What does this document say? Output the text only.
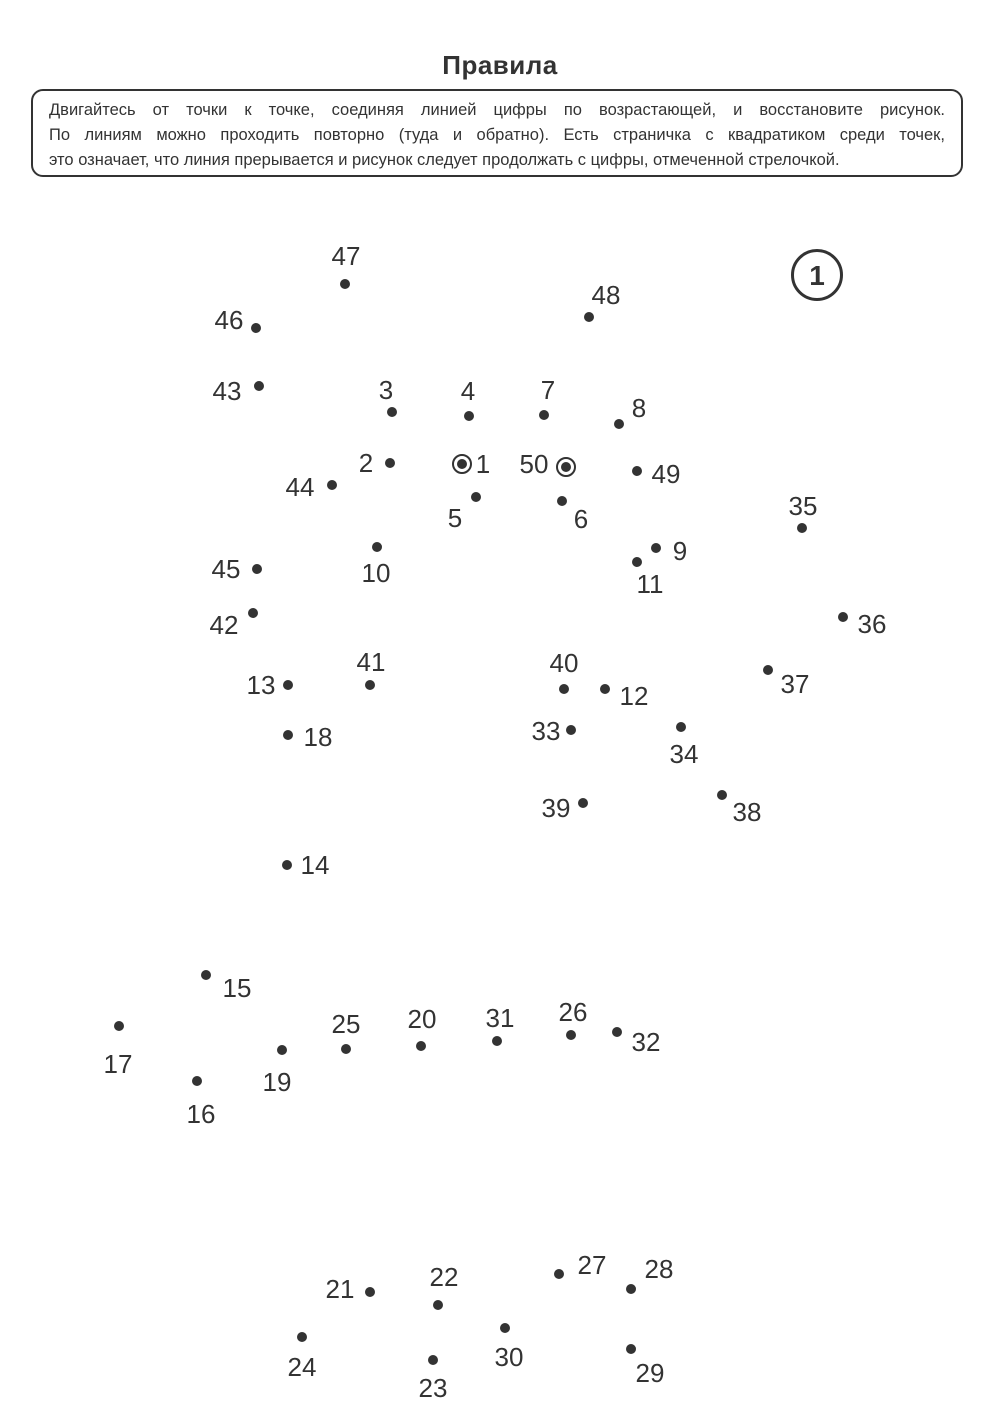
Правила
Двигайтесь от точки к точке, соединяя линией цифры по возрастающей, и восстановите рисунок.
По линиям можно проходить повторно (туда и обратно). Есть страничка с квадратиком среди точек,
это означает, что линия прерывается и рисунок следует продолжать с цифры, отмеченной стрелочкой.
1
1
2
3	4
5	6
7
8
9
10	11
12
13
14
15
16
17
18
19
20
21	22
23
24
25	26
27 28
29
30
31
32
33
34
35
36
37
38
39
40
41
42
43
44
45
46
47
48
49
50
